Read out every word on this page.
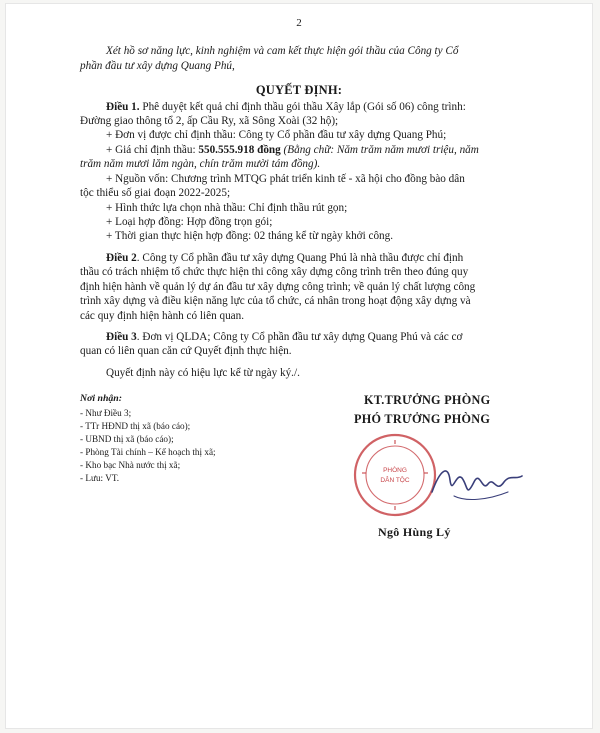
2
Xét hồ sơ năng lực, kinh nghiệm và cam kết thực hiện gói thầu của Công ty Cổ
phần đầu tư xây dựng Quang Phú,
QUYẾT ĐỊNH:
Điều 1. Phê duyệt kết quả chỉ định thầu gói thầu Xây lắp (Gói số 06) công trình:
Đường giao thông tổ 2, ấp Cầu Ry, xã Sông Xoài (32 hộ);
+ Đơn vị được chỉ định thầu: Công ty Cổ phần đầu tư xây dựng Quang Phú;
+ Giá chỉ định thầu: 550.555.918 đồng (Bằng chữ: Năm trăm năm mươi triệu, năm
trăm năm mươi lăm ngàn, chín trăm mười tám đồng).
+ Nguồn vốn: Chương trình MTQG phát triển kinh tế - xã hội cho đồng bào dân
tộc thiểu số giai đoạn 2022-2025;
+ Hình thức lựa chọn nhà thầu: Chỉ định thầu rút gọn;
+ Loại hợp đồng: Hợp đồng trọn gói;
+ Thời gian thực hiện hợp đồng: 02 tháng kể từ ngày khởi công.
Điều 2. Công ty Cổ phần đầu tư xây dựng Quang Phú là nhà thầu được chỉ định
thầu có trách nhiệm tổ chức thực hiện thi công xây dựng công trình trên theo đúng quy
định hiện hành về quản lý dự án đầu tư xây dựng công trình; về quản lý chất lượng công
trình xây dựng và điều kiện năng lực của tổ chức, cá nhân trong hoạt động xây dựng và
các quy định hiện hành có liên quan.
Điều 3. Đơn vị QLDA; Công ty Cổ phần đầu tư xây dựng Quang Phú và các cơ
quan có liên quan căn cứ Quyết định thực hiện.
Quyết định này có hiệu lực kể từ ngày ký./.
Nơi nhận:
- Như Điều 3;
- TTr HĐND thị xã (báo cáo);
- UBND thị xã (báo cáo);
- Phòng Tài chính – Kế hoạch thị xã;
- Kho bạc Nhà nước thị xã;
- Lưu: VT.
KT.TRƯỞNG PHÒNG
PHÓ TRƯỞNG PHÒNG
PHÒNG
DÂN TỘC
Ngô Hùng Lý
